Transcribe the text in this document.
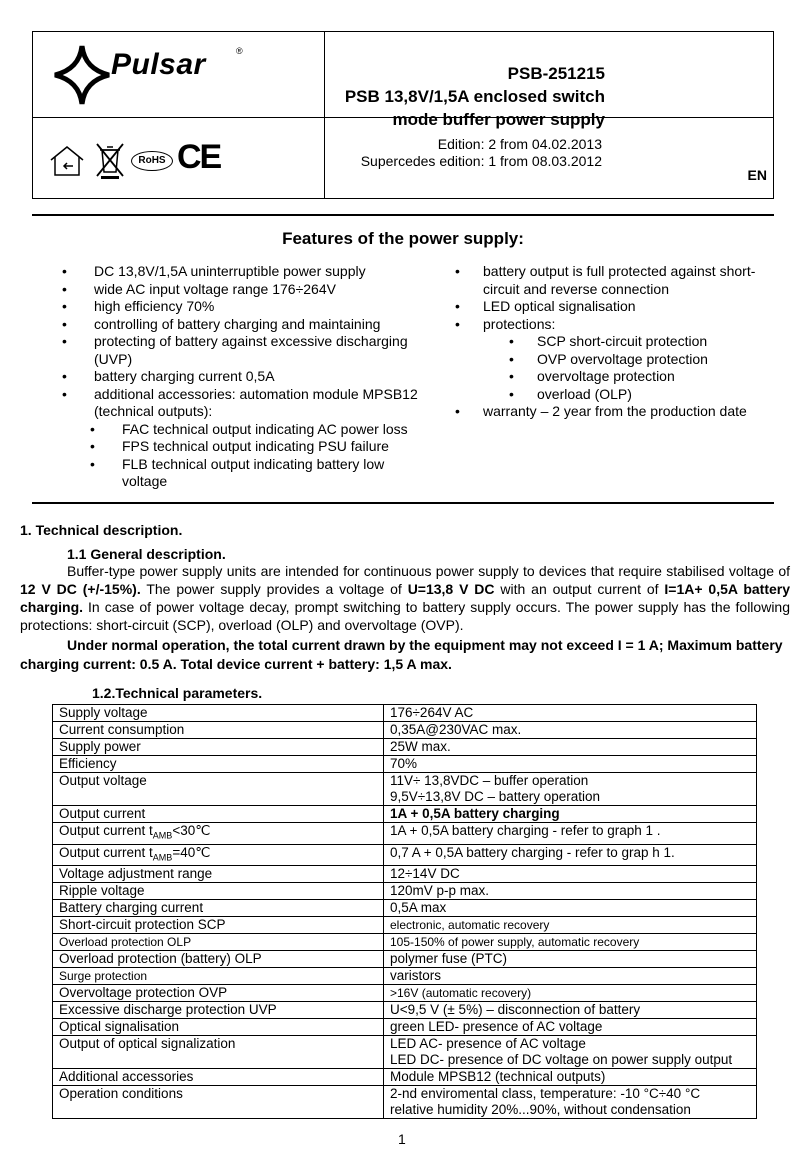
Pulsar	®
PSB-251215
PSB 13,8V/1,5A enclosed switch
mode buffer power supply
RoHS CE	Edition: 2 from 04.02.2013
Supercedes edition: 1 from 08.03.2012
EN
Features of the power supply:
• DC 13,8V/1,5A uninterruptible power supply
• wide AC input voltage range 176÷264V
• high efficiency 70%
• controlling of battery charging and maintaining
• protecting of battery against excessive discharging (UVP)
• battery charging current 0,5A
• additional accessories: automation module MPSB12 (technical outputs):
• FAC technical output indicating AC power loss
• FPS technical output indicating PSU failure
• FLB technical output indicating battery low voltage
• battery output is full protected against short-circuit and reverse connection
• LED optical signalisation
• protections:
• SCP short-circuit protection
• OVP overvoltage protection
• overvoltage protection
• overload (OLP)
• warranty – 2 year from the production date
1. Technical description.
1.1 General description.
Buffer-type power supply units are intended for continuous power supply to devices that require stabilised voltage of 12 V DC (+/-15%). The power supply provides a voltage of U=13,8 V DC with an output current of I=1A+ 0,5A battery charging. In case of power voltage decay, prompt switching to battery supply occurs. The power supply has the following protections: short-circuit (SCP), overload (OLP) and overvoltage (OVP).
Under normal operation, the total current drawn by the equipment may not exceed I = 1 A; Maximum battery charging current: 0.5 A. Total device current + battery: 1,5 A max.
1.2.Technical parameters.
Supply voltage	176÷264V AC
Current consumption	0,35A@230VAC max.
Supply power	25W max.
Efficiency	70%
Output voltage	11V÷ 13,8VDC – buffer operation
9,5V÷13,8V DC – battery operation

Output current	1A + 0,5A battery charging
Output current $t_{AMB}<30℃$	1A + 0,5A battery charging - refer to graph 1 .
Output current $t_{AMB}=40℃$	0,7 A + 0,5A battery charging - refer to grap h 1.
Voltage adjustment range	12÷14V DC
Ripple voltage	120mV p-p max.
Battery charging current	0,5A max
Short-circuit protection SCP	electronic, automatic recovery
Overload protection OLP	105-150% of power supply, automatic recovery
Overload protection (battery) OLP	polymer fuse (PTC)
Surge protection	varistors
Overvoltage protection OVP	>16V (automatic recovery)
Excessive discharge protection UVP	U<9,5 V (± 5%) – disconnection of battery
Optical signalisation	green LED- presence of AC voltage
Output of optical signalization	LED AC- presence of AC voltage
LED DC- presence of DC voltage on power supply output

Additional accessories	Module MPSB12 (technical outputs)
Operation conditions	2-nd enviromental class, temperature: -10 °C÷40 °C
relative humidity 20%...90%, without condensation
1
